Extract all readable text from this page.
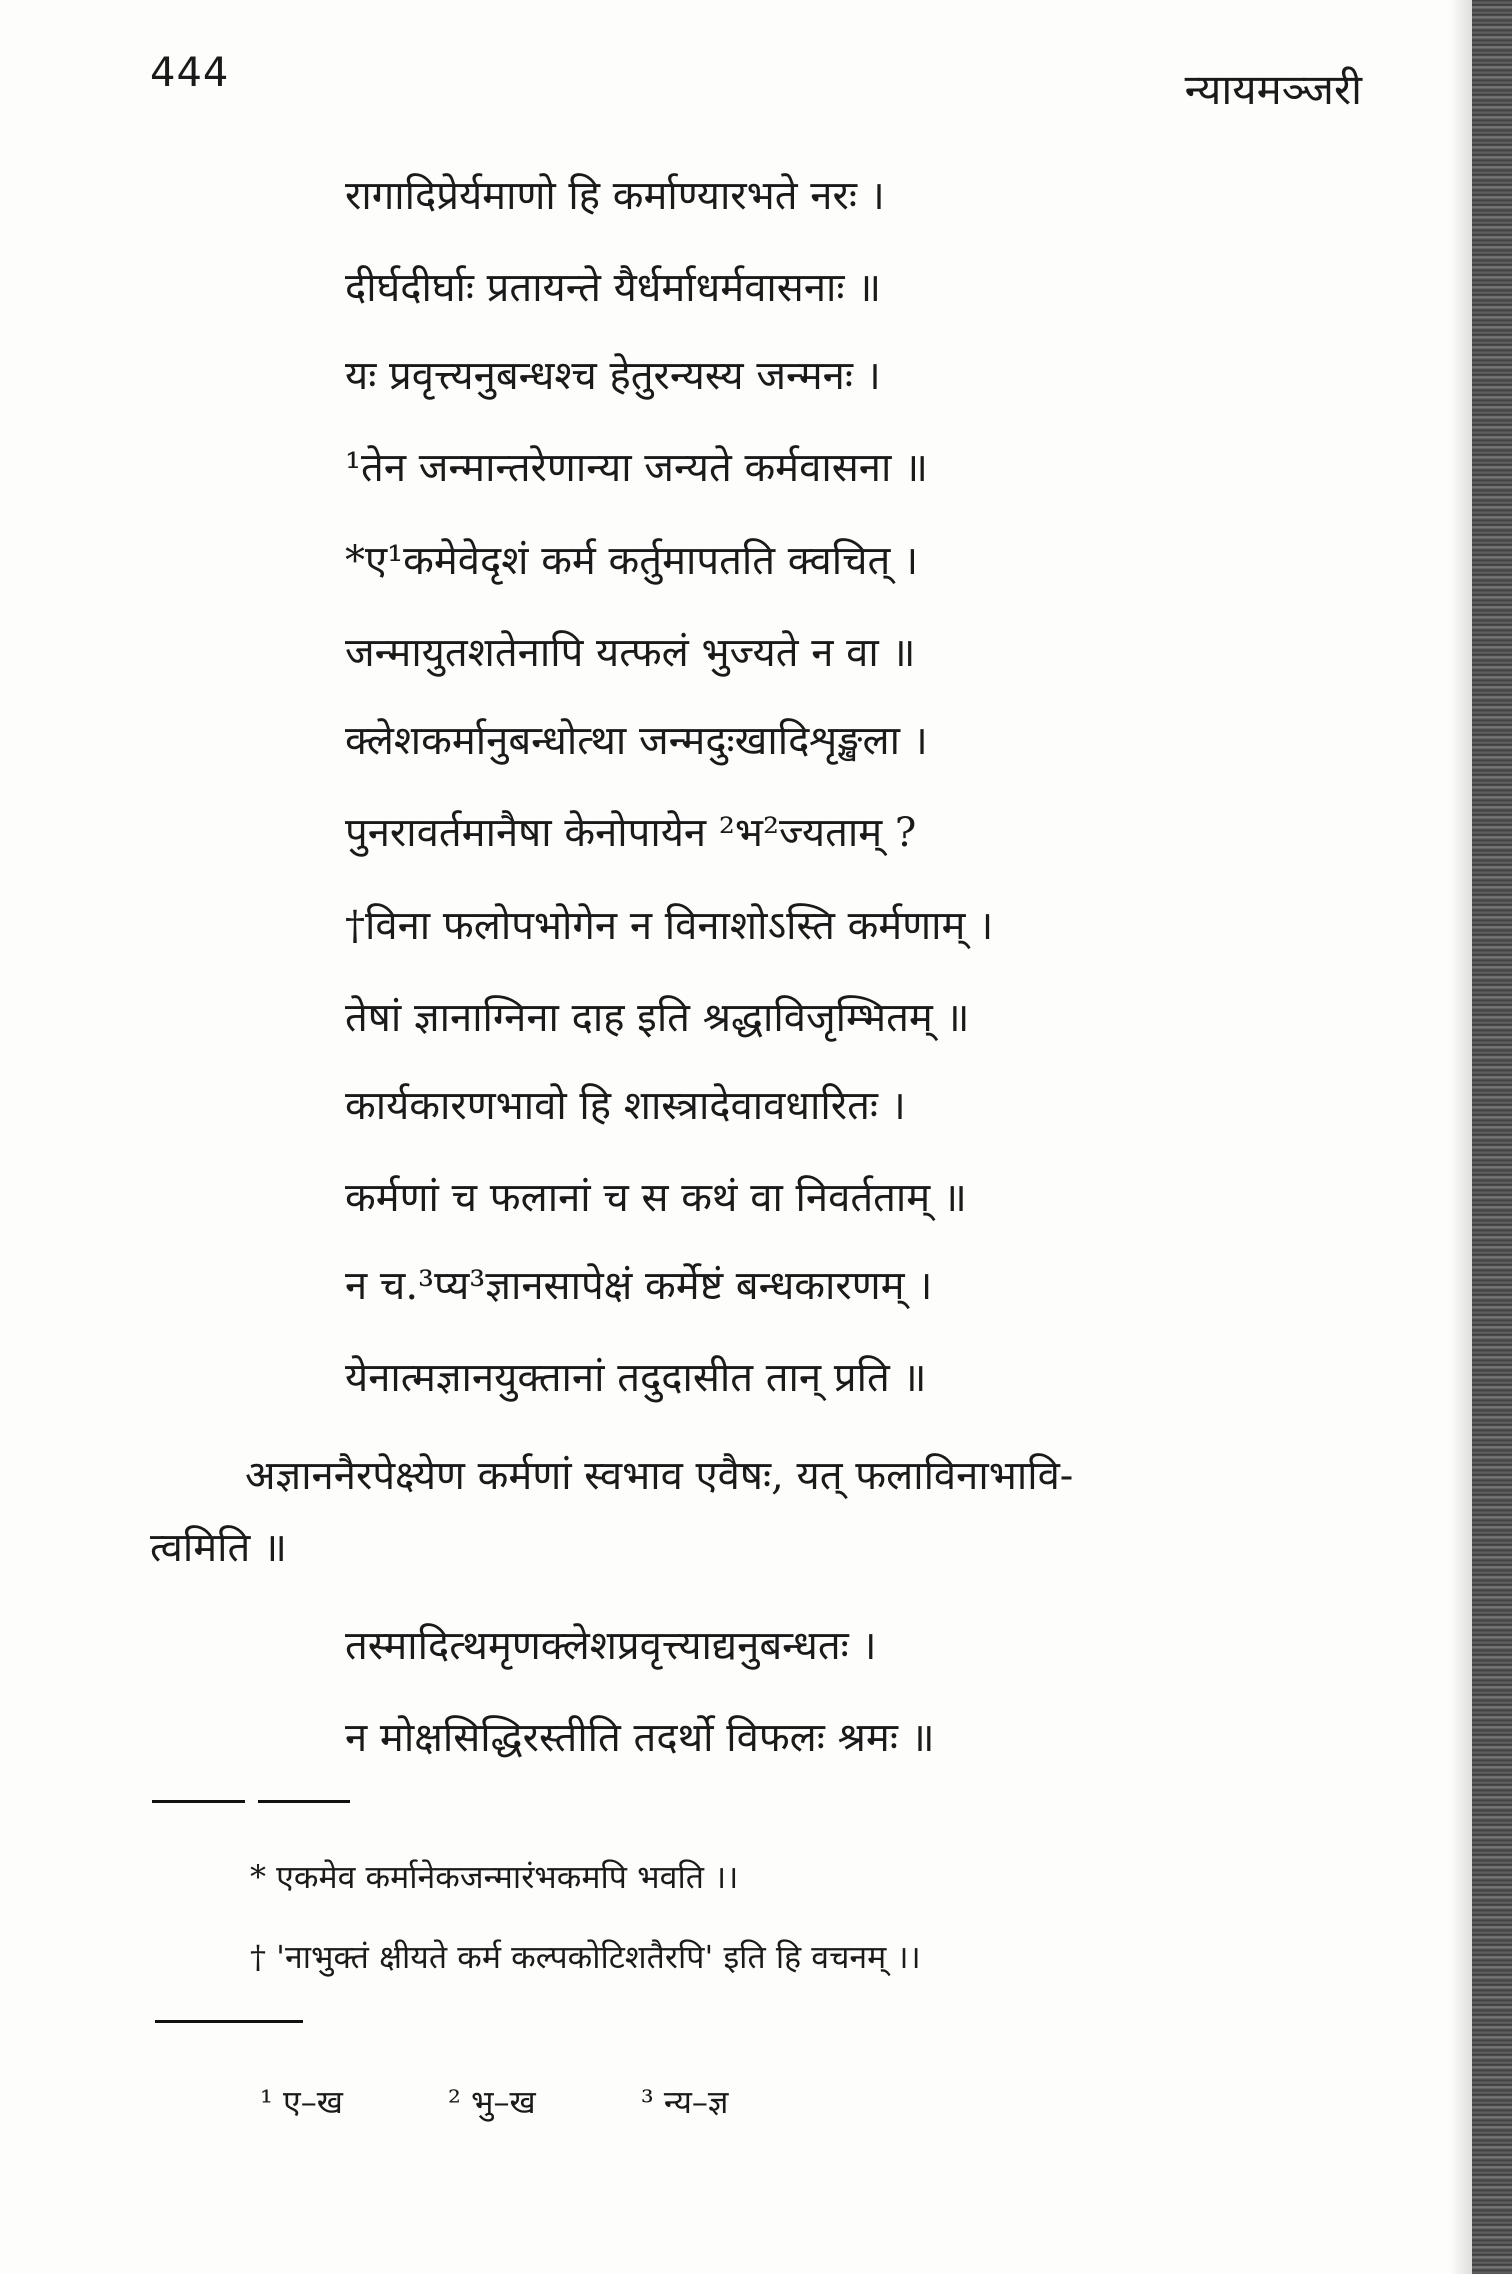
444	न्यायमञ्जरी
रागादिप्रेर्यमाणो हि कर्माण्यारभते नरः ।
दीर्घदीर्घाः प्रतायन्ते यैर्धर्माधर्मवासनाः ॥
यः प्रवृत्त्यनुबन्धश्च हेतुरन्यस्य जन्मनः ।
¹तेन जन्मान्तरेणान्या जन्यते कर्मवासना ॥
*ए¹कमेवेदृशं कर्म कर्तुमापतति क्वचित् ।
जन्मायुतशतेनापि यत्फलं भुज्यते न वा ॥
क्लेशकर्मानुबन्धोत्था जन्मदुःखादिशृङ्खला ।
पुनरावर्तमानैषा केनोपायेन ²भ²ज्यताम् ?
†विना फलोपभोगेन न विनाशोऽस्ति कर्मणाम् ।
तेषां ज्ञानाग्निना दाह इति श्रद्धाविजृम्भितम् ॥
कार्यकारणभावो हि शास्त्रादेवावधारितः ।
कर्मणां च फलानां च स कथं वा निवर्तताम् ॥
न च.³प्य³ज्ञानसापेक्षं कर्मेष्टं बन्धकारणम् ।
येनात्मज्ञानयुक्तानां तदुदासीत तान् प्रति ॥
अज्ञाननैरपेक्ष्येण कर्मणां स्वभाव एवैषः, यत् फलाविनाभावि-
त्वमिति ॥
तस्मादित्थमृणक्लेशप्रवृत्त्याद्यनुबन्धतः ।
न मोक्षसिद्धिरस्तीति तदर्थो विफलः श्रमः ॥
* एकमेव कर्मानेकजन्मारंभकमपि भवति ।।
† 'नाभुक्तं क्षीयते कर्म कल्पकोटिशतैरपि' इति हि वचनम् ।।
¹ ए–ख	² भु–ख	³ न्य–ज्ञ
